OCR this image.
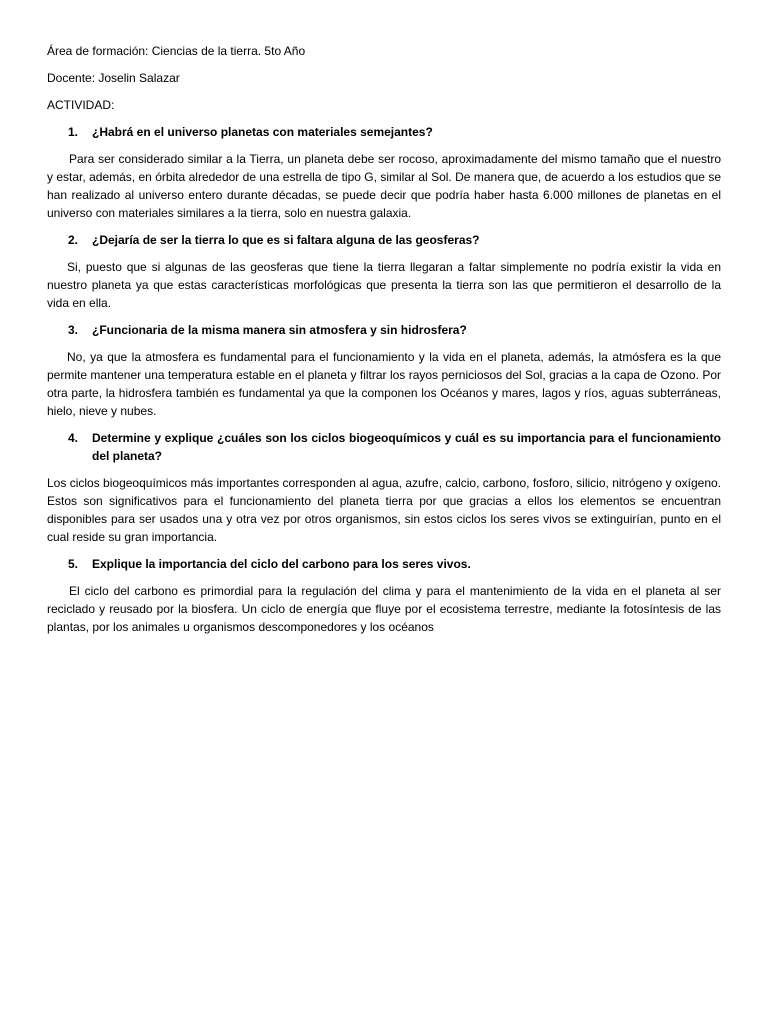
Área de formación: Ciencias de la tierra. 5to Año

Docente: Joselin Salazar

ACTIVIDAD:

1.	¿Habrá en el universo planetas con materiales semejantes?

Para ser considerado similar a la Tierra, un planeta debe ser rocoso, aproximadamente del mismo tamaño que el nuestro y estar, además, en órbita alrededor de una estrella de tipo G, similar al Sol. De manera que, de acuerdo a los estudios que se han realizado al universo entero durante décadas, se puede decir que podría haber hasta 6.000 millones de planetas en el universo con materiales similares a la tierra, solo en nuestra galaxia.

2.	¿Dejaría de ser la tierra lo que es si faltara alguna de las geosferas?

Si, puesto que si algunas de las geosferas que tiene la tierra llegaran a faltar simplemente no podría existir la vida en nuestro planeta ya que estas características morfológicas que presenta la tierra son las que permitieron el desarrollo de la vida en ella.

3.	¿Funcionaria de la misma manera sin atmosfera y sin hidrosfera?

No, ya que la atmosfera es fundamental para el funcionamiento y la vida en el planeta, además, la atmósfera es la que permite mantener una temperatura estable en el planeta y filtrar los rayos perniciosos del Sol, gracias a la capa de Ozono. Por otra parte, la hidrosfera también es fundamental ya que la componen los Océanos y mares, lagos y ríos, aguas subterráneas, hielo, nieve y nubes.

4.	Determine y explique ¿cuáles son los ciclos biogeoquímicos y cuál es su importancia para el funcionamiento del planeta?

Los ciclos biogeoquímicos más importantes corresponden al agua, azufre, calcio, carbono, fosforo, silicio, nitrógeno y oxígeno. Estos son significativos para el funcionamiento del planeta tierra por que gracias a ellos los elementos se encuentran disponibles para ser usados una y otra vez por otros organismos, sin estos ciclos los seres vivos se extinguirían, punto en el cual reside su gran importancia.

5.	Explique la importancia del ciclo del carbono para los seres vivos.

El ciclo del carbono es primordial para la regulación del clima y para el mantenimiento de la vida en el planeta al ser reciclado y reusado por la biosfera. Un ciclo de energía que fluye por el ecosistema terrestre, mediante la fotosíntesis de las plantas, por los animales u organismos descomponedores y los océanos
